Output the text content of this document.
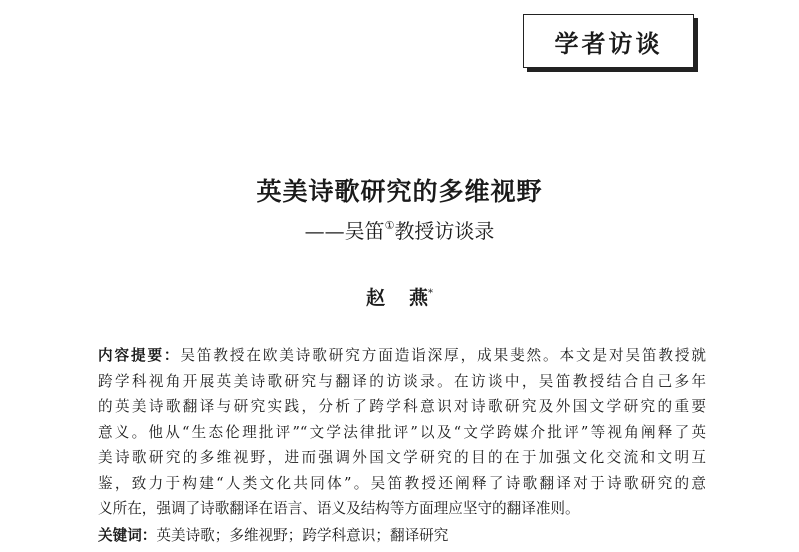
学者访谈
英美诗歌研究的多维视野
——吴笛①教授访谈录
赵 燕*
内容提要：吴笛教授在欧美诗歌研究方面造诣深厚，成果斐然。本文是对吴笛教授就
跨学科视角开展英美诗歌研究与翻译的访谈录。在访谈中，吴笛教授结合自己多年
的英美诗歌翻译与研究实践，分析了跨学科意识对诗歌研究及外国文学研究的重要
意义。他从“生态伦理批评”“文学法律批评”以及“文学跨媒介批评”等视角阐释了英
美诗歌研究的多维视野，进而强调外国文学研究的目的在于加强文化交流和文明互
鉴，致力于构建“人类文化共同体”。吴笛教授还阐释了诗歌翻译对于诗歌研究的意
义所在，强调了诗歌翻译在语言、语义及结构等方面理应坚守的翻译准则。
关键词：英美诗歌；多维视野；跨学科意识；翻译研究
